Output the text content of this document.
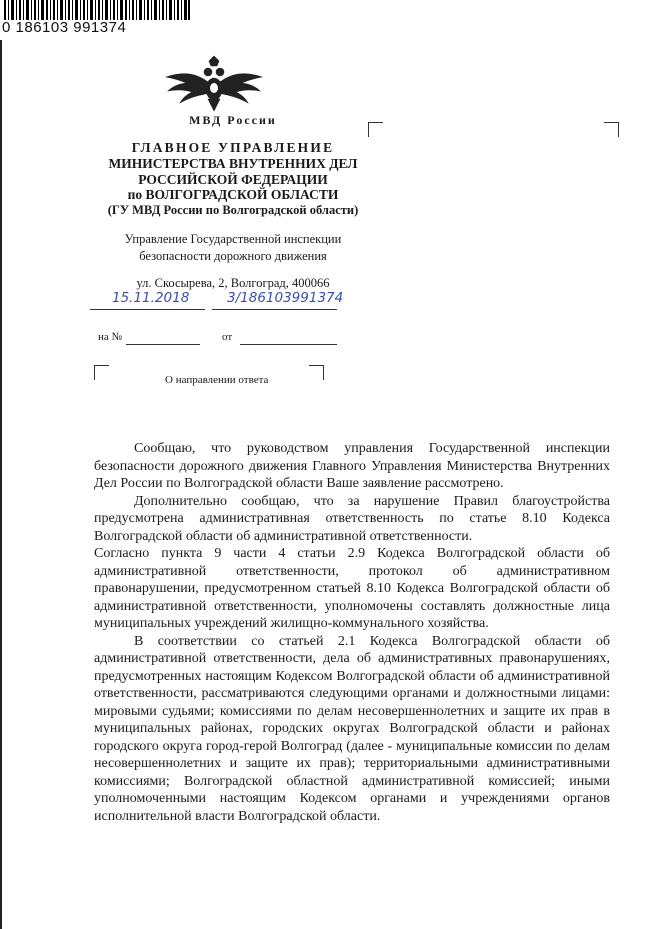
0 186103 991374
МВД России
ГЛАВНОЕ УПРАВЛЕНИЕ
МИНИСТЕРСТВА ВНУТРЕННИХ ДЕЛ
РОССИЙСКОЙ ФЕДЕРАЦИИ
по ВОЛГОГРАДСКОЙ ОБЛАСТИ
(ГУ МВД России по Волгоградской области)
Управление Государственной инспекции
безопасности дорожного движения
ул. Скосырева, 2, Волгоград, 400066
15.11.2018	3/186103991374
на №	от
О направлении ответа

Сообщаю, что руководством управления Государственной инспекции безопасности дорожного движения Главного Управления Министерства Внутренних Дел России по Волгоградской области Ваше заявление рассмотрено.

Дополнительно сообщаю, что за нарушение Правил благоустройства предусмотрена административная ответственность по статье 8.10 Кодекса Волгоградской области об административной ответственности.

Согласно пункта 9 части 4 статьи 2.9 Кодекса Волгоградской области об административной ответственности, протокол об административном правонарушении, предусмотренном статьей 8.10 Кодекса Волгоградской области об административной ответственности, уполномочены составлять должностные лица муниципальных учреждений жилищно-коммунального хозяйства.

В соответствии со статьей 2.1 Кодекса Волгоградской области об административной ответственности, дела об административных правонарушениях, предусмотренных настоящим Кодексом Волгоградской области об административной ответственности, рассматриваются следующими органами и должностными лицами: мировыми судьями; комиссиями по делам несовершеннолетних и защите их прав в муниципальных районах, городских округах Волгоградской области и районах городского округа город-герой Волгоград (далее - муниципальные комиссии по делам несовершеннолетних и защите их прав); территориальными административными комиссиями; Волгоградской областной административной комиссией; иными уполномоченными настоящим Кодексом органами и учреждениями органов исполнительной власти Волгоградской области.
